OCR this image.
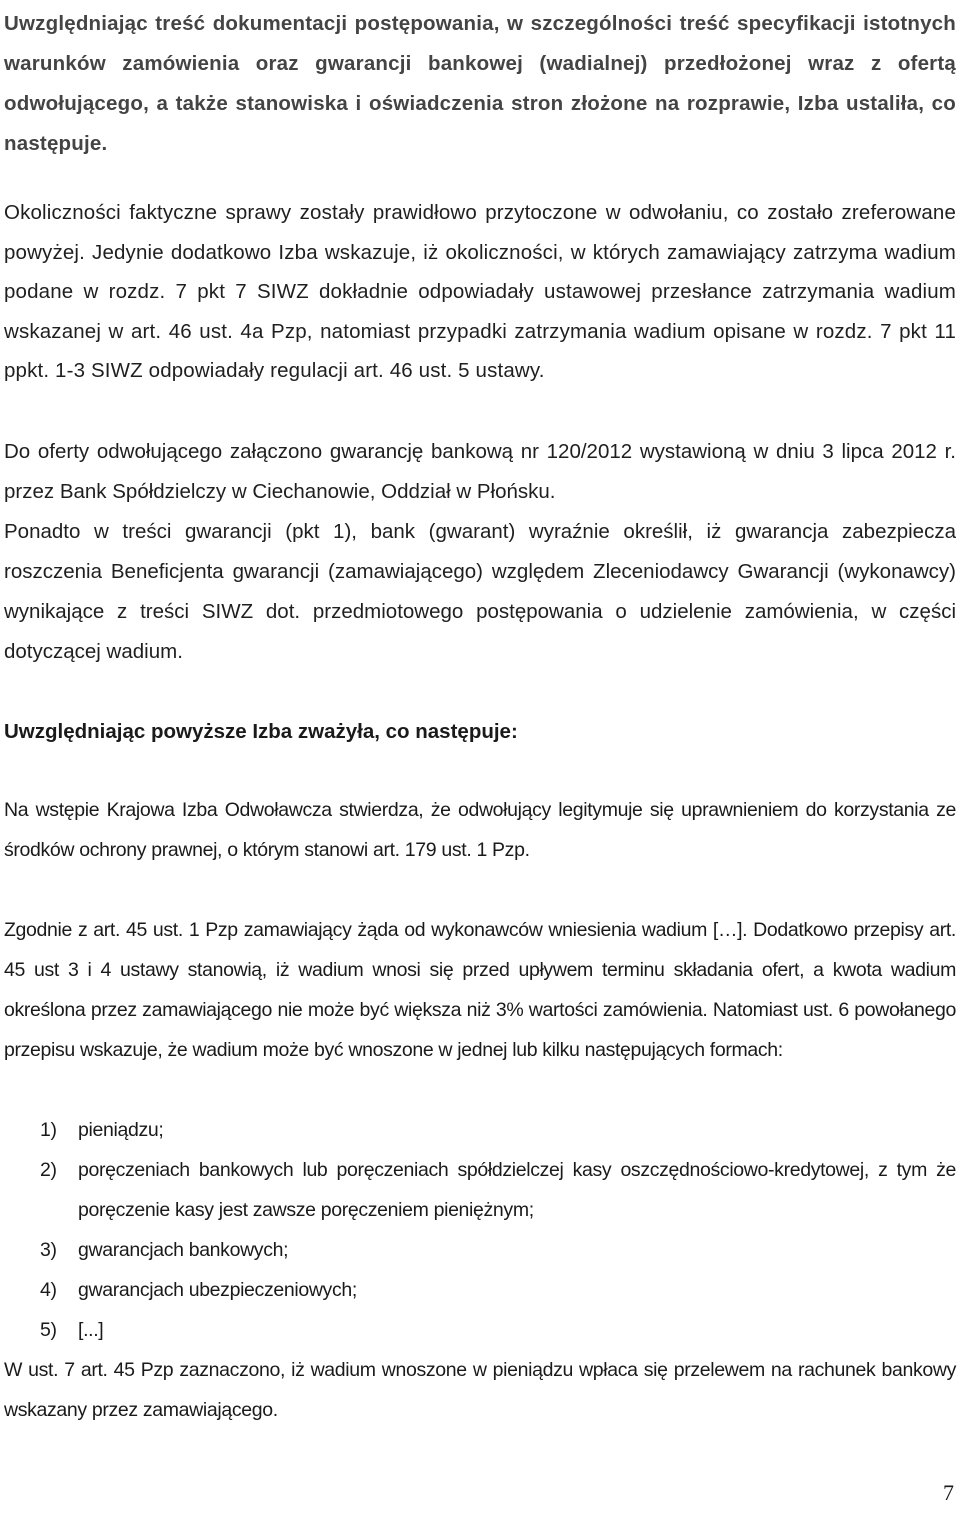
Uwzględniając treść dokumentacji postępowania, w szczególności treść specyfikacji istotnych warunków zamówienia oraz gwarancji bankowej (wadialnej) przedłożonej wraz z ofertą odwołującego, a także stanowiska i oświadczenia stron złożone na rozprawie, Izba ustaliła, co następuje.

Okoliczności faktyczne sprawy zostały prawidłowo przytoczone w odwołaniu, co zostało zreferowane powyżej. Jedynie dodatkowo Izba wskazuje, iż okoliczności, w których zamawiający zatrzyma wadium podane w rozdz. 7 pkt 7 SIWZ dokładnie odpowiadały ustawowej przesłance zatrzymania wadium wskazanej w art. 46 ust. 4a Pzp, natomiast przypadki zatrzymania wadium opisane w rozdz. 7 pkt 11 ppkt. 1-3 SIWZ odpowiadały regulacji art. 46 ust. 5 ustawy.

Do oferty odwołującego załączono gwarancję bankową nr 120/2012 wystawioną w dniu 3 lipca 2012 r. przez Bank Spółdzielczy w Ciechanowie, Oddział w Płońsku.

Ponadto w treści gwarancji (pkt 1), bank (gwarant) wyraźnie określił, iż gwarancja zabezpiecza roszczenia Beneficjenta gwarancji (zamawiającego) względem Zleceniodawcy Gwarancji (wykonawcy) wynikające z treści SIWZ dot. przedmiotowego postępowania o udzielenie zamówienia, w części dotyczącej wadium.

Uwzględniając powyższe Izba zważyła, co następuje:

Na wstępie Krajowa Izba Odwoławcza stwierdza, że odwołujący legitymuje się uprawnieniem do korzystania ze środków ochrony prawnej, o którym stanowi art. 179 ust. 1 Pzp.

Zgodnie z art. 45 ust. 1 Pzp zamawiający żąda od wykonawców wniesienia wadium […]. Dodatkowo przepisy art. 45 ust 3 i 4 ustawy stanowią, iż wadium wnosi się przed upływem terminu składania ofert, a kwota wadium określona przez zamawiającego nie może być większa niż 3% wartości zamówienia. Natomiast ust. 6 powołanego przepisu wskazuje, że wadium może być wnoszone w jednej lub kilku następujących formach:

1) pieniądzu;
2) poręczeniach bankowych lub poręczeniach spółdzielczej kasy oszczędnościowo-kredytowej, z tym że poręczenie kasy jest zawsze poręczeniem pieniężnym;
3) gwarancjach bankowych;
4) gwarancjach ubezpieczeniowych;
5) [...]

W ust. 7 art. 45 Pzp zaznaczono, iż wadium wnoszone w pieniądzu wpłaca się przelewem na rachunek bankowy wskazany przez zamawiającego.

7
